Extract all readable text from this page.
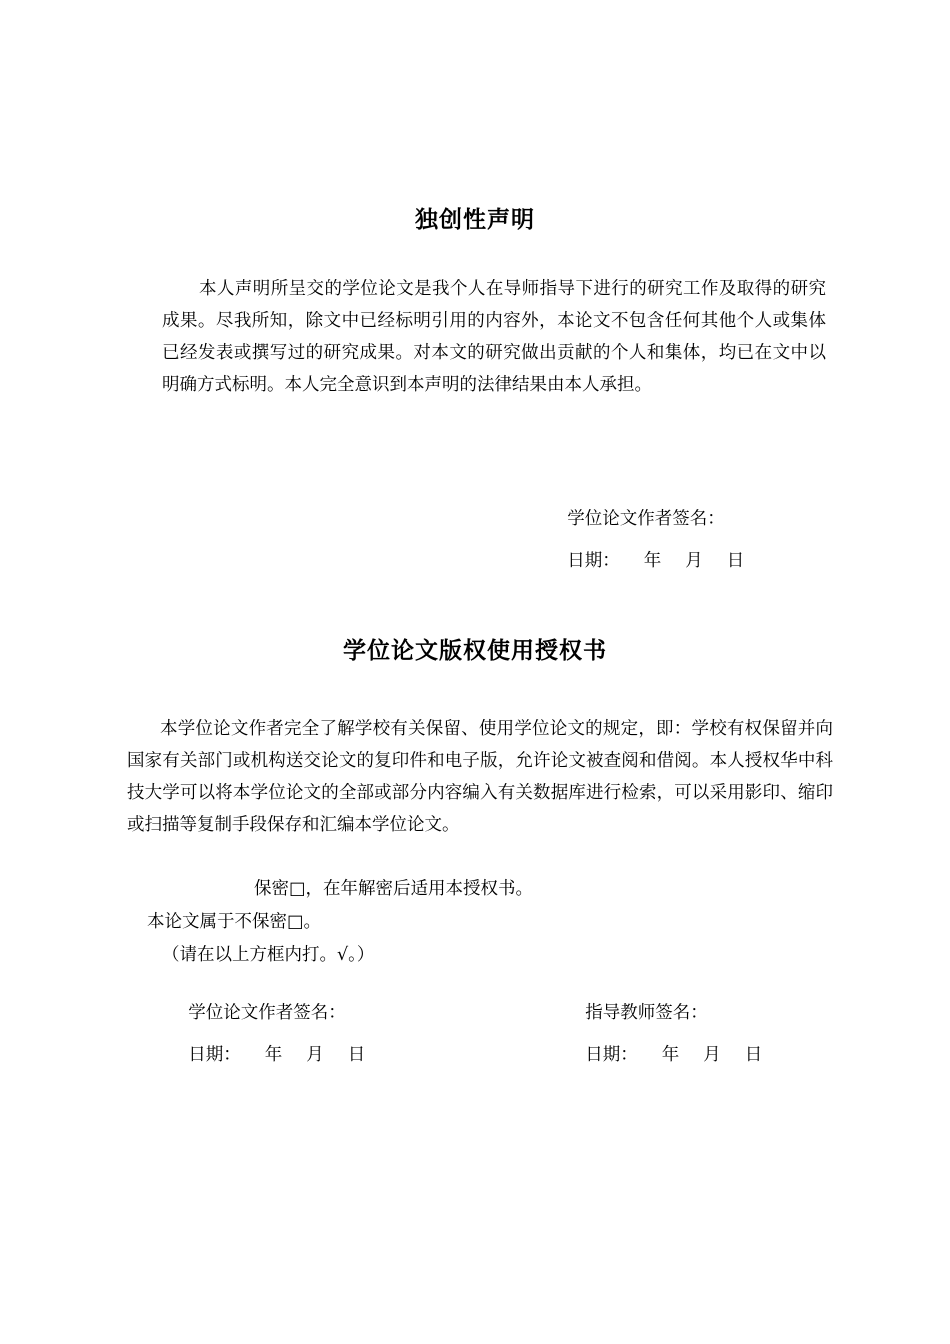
独创性声明

本人声明所呈交的学位论文是我个人在导师指导下进行的研究工作及取得的研究成果。尽我所知，除文中已经标明引用的内容外，本论文不包含任何其他个人或集体已经发表或撰写过的研究成果。对本文的研究做出贡献的个人和集体，均已在文中以明确方式标明。本人完全意识到本声明的法律结果由本人承担。

学位论文作者签名：

日期： 年 月 日

学位论文版权使用授权书

本学位论文作者完全了解学校有关保留、使用学位论文的规定，即：学校有权保留并向国家有关部门或机构送交论文的复印件和电子版，允许论文被查阅和借阅。本人授权华中科技大学可以将本学位论文的全部或部分内容编入有关数据库进行检索，可以采用影印、缩印或扫描等复制手段保存和汇编本学位论文。

保密□，在年解密后适用本授权书。
本论文属于不保密□。
（请在以上方框内打。√。）

学位论文作者签名：
	指导教师签名：

日期： 年 月 日
	日期： 年 月 日
